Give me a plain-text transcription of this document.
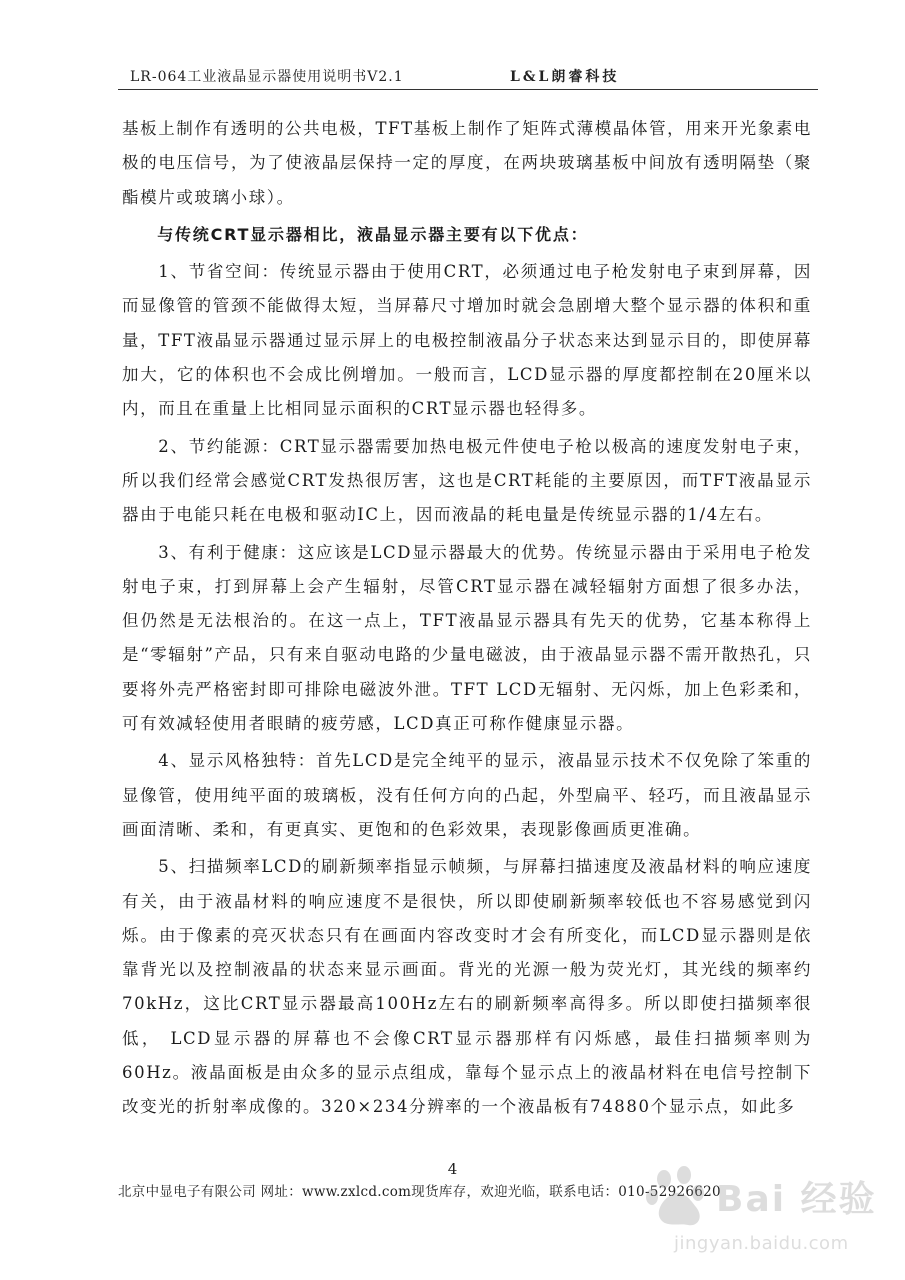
LR-064工业液晶显示器使用说明书V2.1	L&L朗睿科技

基板上制作有透明的公共电极，TFT基板上制作了矩阵式薄模晶体管，用来开光象素电极的电压信号，为了使液晶层保持一定的厚度，在两块玻璃基板中间放有透明隔垫（聚酯模片或玻璃小球）。

与传统CRT显示器相比，液晶显示器主要有以下优点：

1、节省空间：传统显示器由于使用CRT，必须通过电子枪发射电子束到屏幕，因而显像管的管颈不能做得太短，当屏幕尺寸增加时就会急剧增大整个显示器的体积和重量，TFT液晶显示器通过显示屏上的电极控制液晶分子状态来达到显示目的，即使屏幕加大，它的体积也不会成比例增加。一般而言，LCD显示器的厚度都控制在20厘米以内，而且在重量上比相同显示面积的CRT显示器也轻得多。

2、节约能源：CRT显示器需要加热电极元件使电子枪以极高的速度发射电子束，所以我们经常会感觉CRT发热很厉害，这也是CRT耗能的主要原因，而TFT液晶显示器由于电能只耗在电极和驱动IC上，因而液晶的耗电量是传统显示器的1/4左右。

3、有利于健康：这应该是LCD显示器最大的优势。传统显示器由于采用电子枪发射电子束，打到屏幕上会产生辐射，尽管CRT显示器在减轻辐射方面想了很多办法，但仍然是无法根治的。在这一点上，TFT液晶显示器具有先天的优势，它基本称得上是“零辐射”产品，只有来自驱动电路的少量电磁波，由于液晶显示器不需开散热孔，只要将外壳严格密封即可排除电磁波外泄。TFT LCD无辐射、无闪烁，加上色彩柔和，可有效减轻使用者眼睛的疲劳感，LCD真正可称作健康显示器。

4、显示风格独特：首先LCD是完全纯平的显示，液晶显示技术不仅免除了笨重的显像管，使用纯平面的玻璃板，没有任何方向的凸起，外型扁平、轻巧，而且液晶显示画面清晰、柔和，有更真实、更饱和的色彩效果，表现影像画质更准确。

5、扫描频率LCD的刷新频率指显示帧频，与屏幕扫描速度及液晶材料的响应速度有关，由于液晶材料的响应速度不是很快，所以即使刷新频率较低也不容易感觉到闪烁。由于像素的亮灭状态只有在画面内容改变时才会有所变化，而LCD显示器则是依靠背光以及控制液晶的状态来显示画面。背光的光源一般为荧光灯，其光线的频率约70kHz，这比CRT显示器最高100Hz左右的刷新频率高得多。所以即使扫描频率很低， LCD显示器的屏幕也不会像CRT显示器那样有闪烁感，最佳扫描频率则为60Hz。液晶面板是由众多的显示点组成，靠每个显示点上的液晶材料在电信号控制下改变光的折射率成像的。320×234分辨率的一个液晶板有74880个显示点，如此多

4
北京中显电子有限公司 网址：www.zxlcd.com现货库存，欢迎光临，联系电话：010-52926620
Bai 经验
jingyan.baidu.com
